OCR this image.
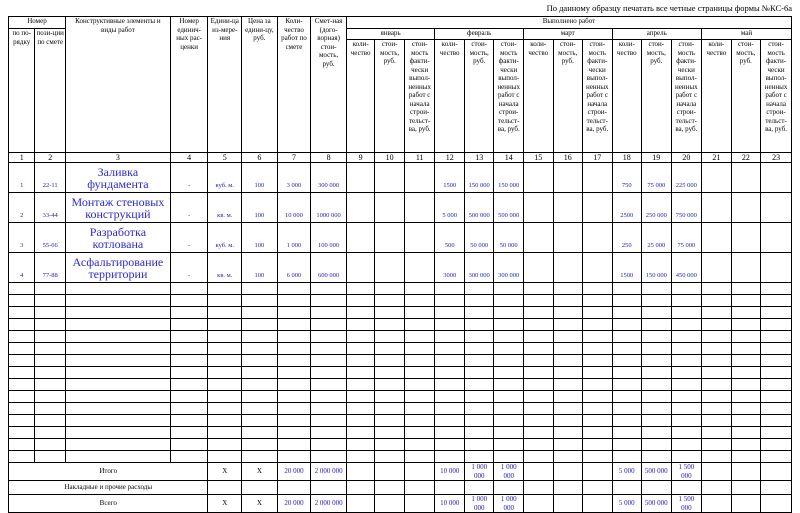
По данному образцу печатать все четные страницы формы №КС-6а
Номер		Конструктивные элементы и виды работ	Номер единич-ных рас-ценки	Едини-ца из-мере-ния	Цена за едини-цу, руб.	Коли-чество работ по смете	Смет-ная (дого-ворная) стои-мость, руб.	Выполнено работ														
по по-рядку	пози-ции по смете							январь			февраль			март			апрель			май		
								коли-чество	стои-мость, руб.	стои-мость факти-чески выпол-ненных работ с начала строи-тельст-ва, руб.	коли-чество	стои-мость, руб.	стои-мость факти-чески выпол-ненных работ с начала строи-тельст-ва, руб.	коли-чество	стои-мость, руб.	стои-мость факти-чески выпол-ненных работ с начала строи-тельст-ва, руб.	коли-чество	стои-мость, руб.	стои-мость факти-чески выпол-ненных работ с начала строи-тельст-ва, руб.	коли-чество	стои-мость, руб.	стои-мость факти-чески выпол-ненных работ с начала строи-тельст-ва, руб.
1	2	3	4	5	6	7	8	9	10	11	12	13	14	15	16	17	18	19	20	21	22	23
1	22-11	Заливка фундамента	-	куб. м.	100	3 000	300 000				1500	150 000	150 000				750	75 000	225 000			
2	33-44	Монтаж стеновых конструкций	-	кв. м.	100	10 000	1000 000				5 000	500 000	500 000				2500	250 000	750 000			
3	55-66	Разработка котлована	-	куб. м.	100	1 000	100 000				500	50 000	50 000				250	25 000	75 000			
4	77-88	Асфальтирование территории	-	кв. м.	100	6 000	600 000				3000	300 000	300 000				1500	150 000	450 000			

Итого				Х	Х	20 000	2 000 000				10 000	1 000 000	1 000 000				5 000	500 000	1 500 000			
Накладные и прочие расходы																						
Всего				Х	Х	20 000	2 000 000				10 000	1 000 000	1 000 000				5 000	500 000	1 500 000			
